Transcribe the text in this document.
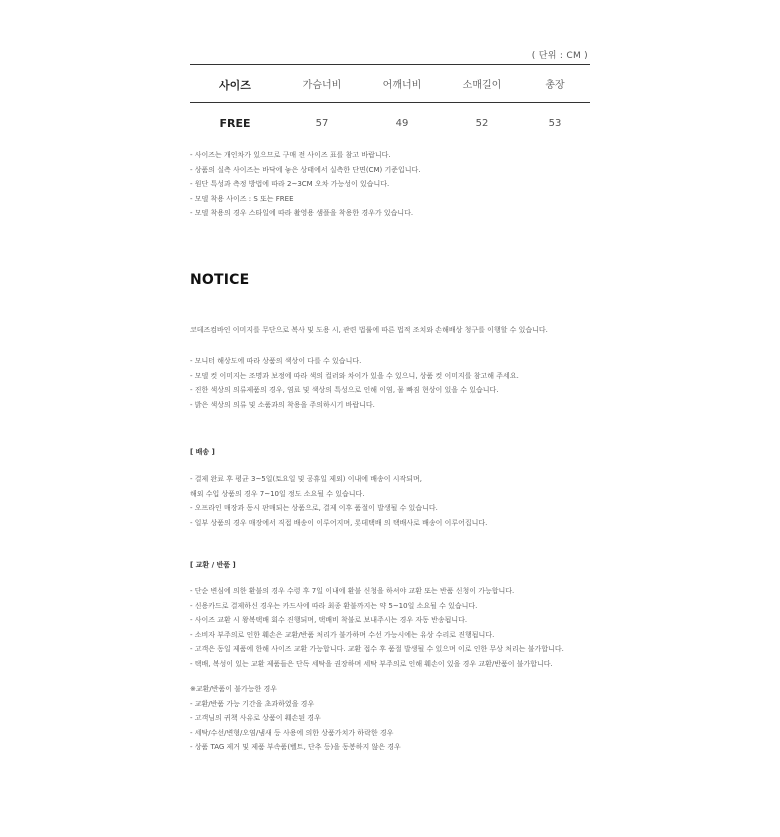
( 단위 : CM )
사이즈	가슴너비	어깨너비	소매길이	총장
FREE	57	49	52	53
- 사이즈는 개인차가 있으므로 구매 전 사이즈 표를 참고 바랍니다.
- 상품의 실측 사이즈는 바닥에 놓은 상태에서 실측한 단면(CM) 기준입니다.
- 원단 특성과 측정 방법에 따라 2~3CM 오차 가능성이 있습니다.
- 모델 착용 사이즈 : S 또는 FREE
- 모델 착용의 경우 스타일에 따라 촬영용 샘플을 착용한 경우가 있습니다.
NOTICE
코데즈컴바인 이미지를 무단으로 복사 및 도용 시, 관련 법률에 따른 법적 조치와 손해배상 청구를 이행할 수 있습니다.
- 모니터 해상도에 따라 상품의 색상이 다를 수 있습니다.
- 모델 컷 이미지는 조명과 보정에 따라 색의 컬러와 차이가 있을 수 있으니, 상품 컷 이미지를 참고해 주세요.
- 진한 색상의 의류제품의 경우, 염료 및 색상의 특성으로 인해 이염, 물 빠짐 현상이 있을 수 있습니다.
- 밝은 색상의 의류 및 소품과의 착용을 주의하시기 바랍니다.
[ 배송 ]
- 결제 완료 후 평균 3~5일(토요일 및 공휴일 제외) 이내에 배송이 시작되며,
해외 수입 상품의 경우 7~10일 정도 소요될 수 있습니다.
- 오프라인 매장과 동시 판매되는 상품으로, 결제 이후 품절이 발생될 수 있습니다.
- 일부 상품의 경우 매장에서 직접 배송이 이루어지며, 롯데택배 의 택배사로 배송이 이루어집니다.
[ 교환 / 반품 ]
- 단순 변심에 의한 환불의 경우 수령 후 7일 이내에 환불 신청을 하셔야 교환 또는 반품 신청이 가능합니다.
- 신용카드로 결제하신 경우는 카드사에 따라 최종 환불까지는 약 5~10일 소요될 수 있습니다.
- 사이즈 교환 시 왕복택배 회수 진행되며, 택배비 착불로 보내주시는 경우 자동 반송됩니다.
- 소비자 부주의로 인한 훼손은 교환/반품 처리가 불가하며 수선 가능시에는 유상 수리로 진행됩니다.
- 고객은 동일 제품에 한해 사이즈 교환 가능합니다. 교환 접수 후 품절 발생될 수 있으며 이로 인한 무상 처리는 불가합니다.
- 택배, 복성이 있는 교환 제품들은 단독 세탁을 권장하며 세탁 부주의로 인해 훼손이 있을 경우 교환/반품이 불가합니다.
※교환/반품이 불가능한 경우
- 교환/반품 가능 기간을 초과하였을 경우
- 고객님의 귀책 사유로 상품이 훼손된 경우
- 세탁/수선/변형/오염/냄새 등 사용에 의한 상품가치가 하락한 경우
- 상품 TAG 제거 및 제품 부속품(벨트, 단추 등)을 동봉하지 않은 경우
